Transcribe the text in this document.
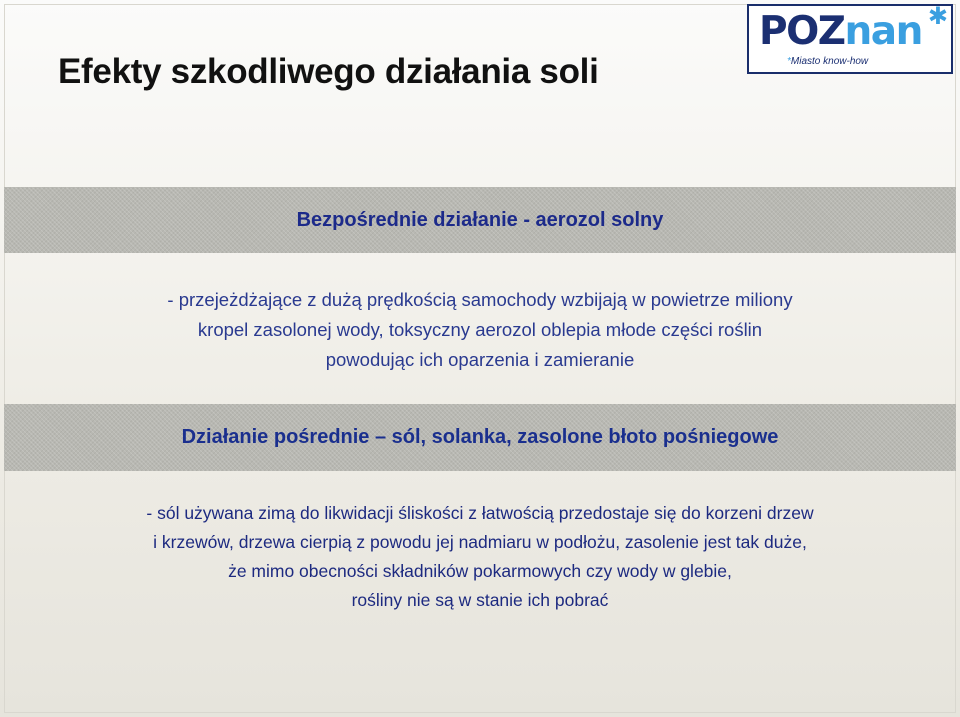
Efekty szkodliwego działania soli
POZnan ✱
*Miasto know-how
Bezpośrednie działanie - aerozol solny

- przejeżdżające z dużą prędkością samochody wzbijają w powietrze miliony

kropel zasolonej wody, toksyczny aerozol oblepia młode części roślin

powodując ich oparzenia i zamieranie

Działanie pośrednie – sól, solanka, zasolone błoto pośniegowe

- sól używana zimą do likwidacji śliskości z łatwością przedostaje się do korzeni drzew

i krzewów, drzewa cierpią z powodu jej nadmiaru w podłożu, zasolenie jest tak duże,

że mimo obecności składników pokarmowych czy wody w glebie,

rośliny nie są w stanie ich pobrać
